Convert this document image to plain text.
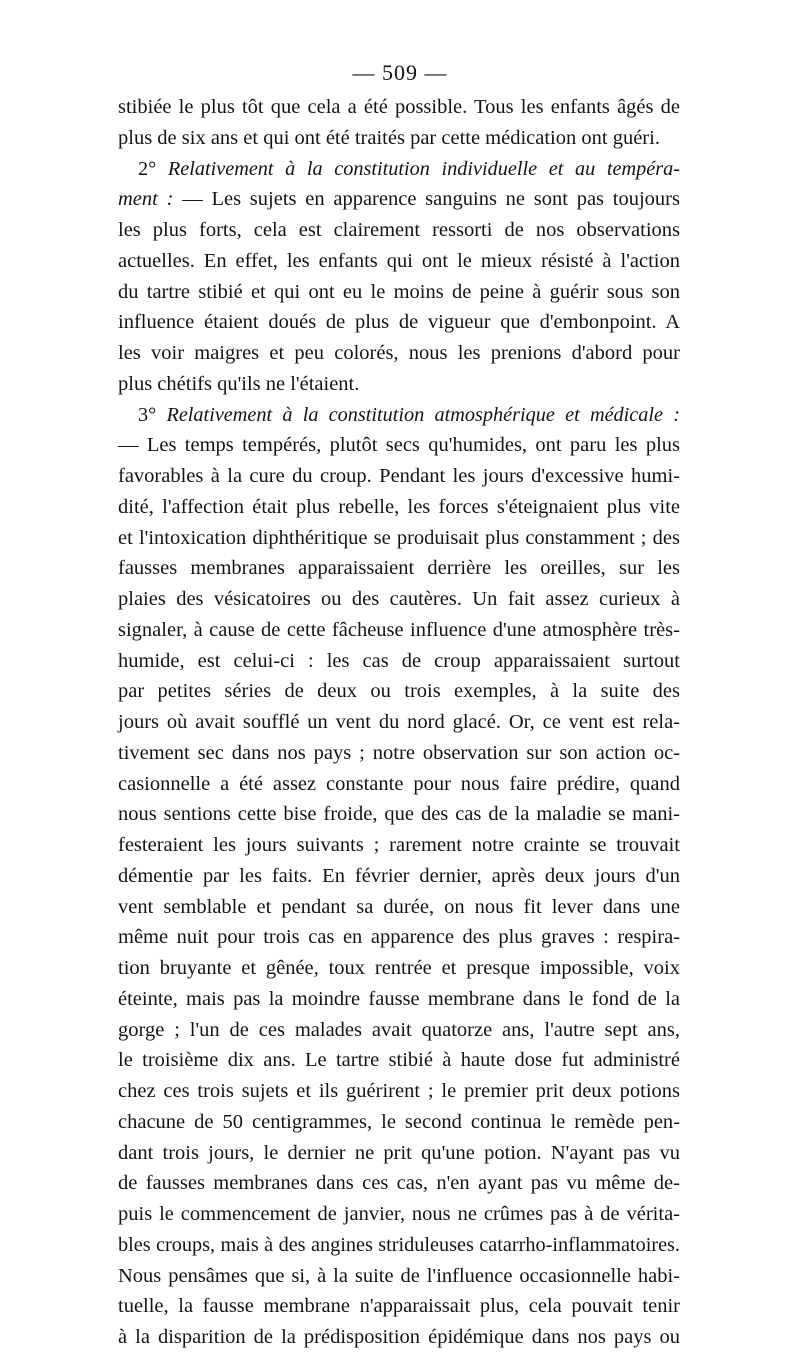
— 509 —
stibiée le plus tôt que cela a été possible. Tous les enfants âgés de
plus de six ans et qui ont été traités par cette médication ont guéri.
2° Relativement à la constitution individuelle et au tempéra-
ment : — Les sujets en apparence sanguins ne sont pas toujours
les plus forts, cela est clairement ressorti de nos observations
actuelles. En effet, les enfants qui ont le mieux résisté à l'action
du tartre stibié et qui ont eu le moins de peine à guérir sous son
influence étaient doués de plus de vigueur que d'embonpoint. A
les voir maigres et peu colorés, nous les prenions d'abord pour
plus chétifs qu'ils ne l'étaient.
3° Relativement à la constitution atmosphérique et médicale :
— Les temps tempérés, plutôt secs qu'humides, ont paru les plus
favorables à la cure du croup. Pendant les jours d'excessive humi-
dité, l'affection était plus rebelle, les forces s'éteignaient plus vite
et l'intoxication diphthéritique se produisait plus constamment ; des
fausses membranes apparaissaient derrière les oreilles, sur les
plaies des vésicatoires ou des cautères. Un fait assez curieux à
signaler, à cause de cette fâcheuse influence d'une atmosphère très-
humide, est celui-ci : les cas de croup apparaissaient surtout
par petites séries de deux ou trois exemples, à la suite des
jours où avait soufflé un vent du nord glacé. Or, ce vent est rela-
tivement sec dans nos pays ; notre observation sur son action oc-
casionnelle a été assez constante pour nous faire prédire, quand
nous sentions cette bise froide, que des cas de la maladie se mani-
festeraient les jours suivants ; rarement notre crainte se trouvait
démentie par les faits. En février dernier, après deux jours d'un
vent semblable et pendant sa durée, on nous fit lever dans une
même nuit pour trois cas en apparence des plus graves : respira-
tion bruyante et gênée, toux rentrée et presque impossible, voix
éteinte, mais pas la moindre fausse membrane dans le fond de la
gorge ; l'un de ces malades avait quatorze ans, l'autre sept ans,
le troisième dix ans. Le tartre stibié à haute dose fut administré
chez ces trois sujets et ils guérirent ; le premier prit deux potions
chacune de 50 centigrammes, le second continua le remède pen-
dant trois jours, le dernier ne prit qu'une potion. N'ayant pas vu
de fausses membranes dans ces cas, n'en ayant pas vu même de-
puis le commencement de janvier, nous ne crûmes pas à de vérita-
bles croups, mais à des angines striduleuses catarrho-inflammatoires.
Nous pensâmes que si, à la suite de l'influence occasionnelle habi-
tuelle, la fausse membrane n'apparaissait plus, cela pouvait tenir
à la disparition de la prédisposition épidémique dans nos pays ou
